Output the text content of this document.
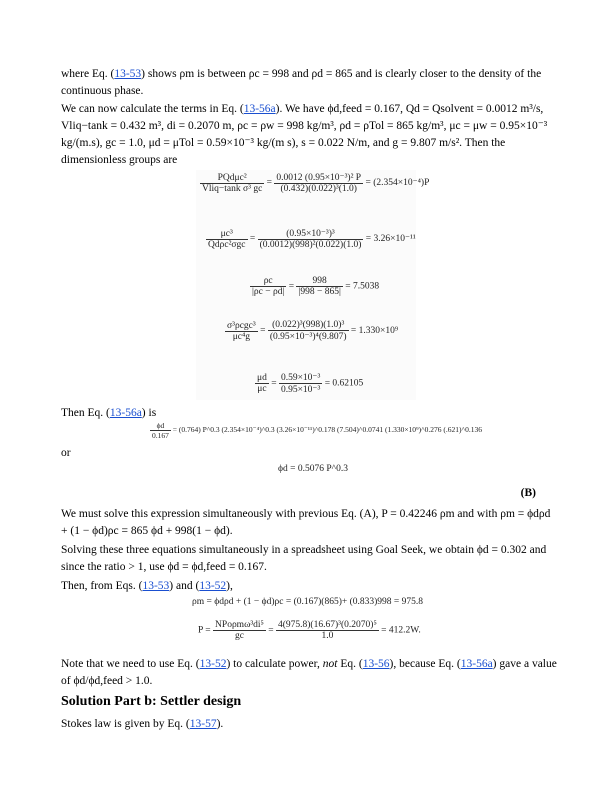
where Eq. (13-53) shows ρm is between ρc = 998 and ρd = 865 and is clearly closer to the density of the continuous phase.
We can now calculate the terms in Eq. (13-56a). We have ϕd,feed = 0.167, Qd = Qsolvent = 0.0012 m³/s, Vliq−tank = 0.432 m³, di = 0.2070 m, ρc = ρw = 998 kg/m³, ρd = ρTol = 865 kg/m³, μc = μw = 0.95×10⁻³ kg/(m.s), gc = 1.0, μd = μTol = 0.59×10⁻³ kg/(m s), s = 0.022 N/m, and g = 9.807 m/s². Then the dimensionless groups are
$\frac{\text{PQdμc²}}{\text{Vliq−tank σ³ gc}} = \frac{\text{0.0012 (0.95×10⁻³)² P}}{\text{(0.432)(0.022)³(1.0)}} = (2.354\times 10^{-4})P$
$\frac{\text{μc³}}{\text{Qdρc²σgc}} = \frac{\text{(0.95×10⁻³)³}}{\text{(0.0012)(998)²(0.022)(1.0)}} = 3.26\times 10^{-11}$
$\frac{\rho c}{|\rho c - \rho d|} = \frac{998}{|998 - 865|} = 7.5038$
$\frac{\text{σ³ρcgc³}}{\text{μc⁴g}} = \frac{\text{(0.022)³(998)(1.0)³}}{\text{(0.95×10⁻³)⁴(9.807)}} = 1.330\times 10^9$
$\frac{\mu d}{\mu c} = \frac{\text{0.59×10⁻³}}{\text{0.95×10⁻³}} = 0.62105$
Then Eq. (13-56a) is
$\frac{\phi d}{0.167} = (0.764)$ P^0.3 (2.354×10⁻⁴)^0.3 (3.26×10⁻¹¹)^0.178 (7.504)^0.0741 (1.330×10⁹)^0.276 (.621)^0.136
or
ϕd = 0.5076 P^0.3
(B)
We must solve this expression simultaneously with previous Eq. (A), P = 0.42246 ρm and with ρm = ϕdρd + (1 − ϕd)ρc = 865 ϕd + 998(1 − ϕd).
Solving these three equations simultaneously in a spreadsheet using Goal Seek, we obtain ϕd = 0.302 and since the ratio > 1, use ϕd = ϕd,feed = 0.167.
Then, from Eqs. (13-53) and (13-52),
ρm = ϕdρd + (1 − ϕd)ρc = (0.167)(865)+ (0.833)998 = 975.8
$P = \frac{\text{NPoρmω³di⁵}}{gc} = \frac{\text{4(975.8)(16.67)³(0.2070)⁵}}{1.0} = 412.2W$.
Note that we need to use Eq. (13-52) to calculate power, not Eq. (13-56), because Eq. (13-56a) gave a value of ϕd/ϕd,feed > 1.0.
Solution Part b: Settler design
Stokes law is given by Eq. (13-57).
